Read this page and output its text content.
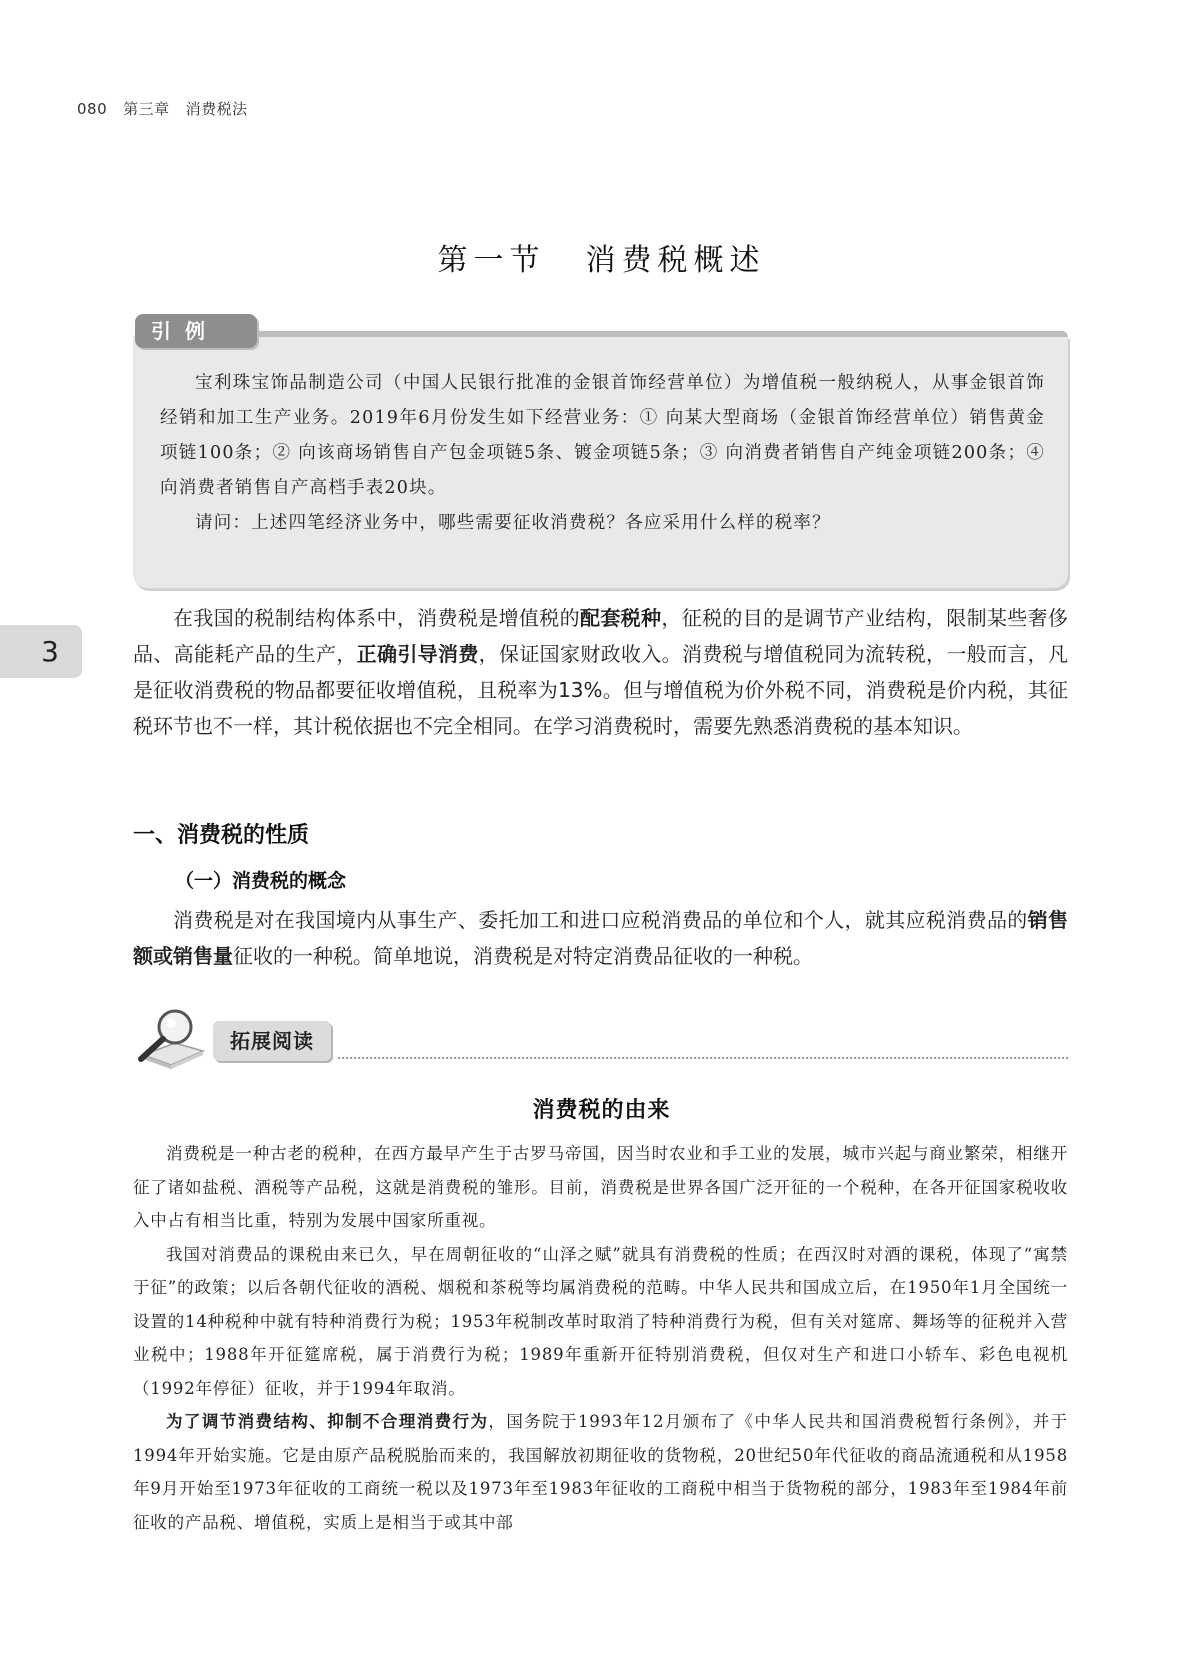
080 第三章 消费税法
第一节 消费税概述
引例

宝利珠宝饰品制造公司（中国人民银行批准的金银首饰经营单位）为增值税一般纳税人，从事金银首饰经销和加工生产业务。2019年6月份发生如下经营业务：① 向某大型商场（金银首饰经营单位）销售黄金项链100条；② 向该商场销售自产包金项链5条、镀金项链5条；③ 向消费者销售自产纯金项链200条；④ 向消费者销售自产高档手表20块。

请问：上述四笔经济业务中，哪些需要征收消费税？各应采用什么样的税率？

3

在我国的税制结构体系中，消费税是增值税的配套税种，征税的目的是调节产业结构，限制某些奢侈品、高能耗产品的生产，正确引导消费，保证国家财政收入。消费税与增值税同为流转税，一般而言，凡是征收消费税的物品都要征收增值税，且税率为13%。但与增值税为价外税不同，消费税是价内税，其征税环节也不一样，其计税依据也不完全相同。在学习消费税时，需要先熟悉消费税的基本知识。

一、消费税的性质
（一）消费税的概念

消费税是对在我国境内从事生产、委托加工和进口应税消费品的单位和个人，就其应税消费品的销售额或销售量征收的一种税。简单地说，消费税是对特定消费品征收的一种税。

拓展阅读
消费税的由来

消费税是一种古老的税种，在西方最早产生于古罗马帝国，因当时农业和手工业的发展，城市兴起与商业繁荣，相继开征了诸如盐税、酒税等产品税，这就是消费税的雏形。目前，消费税是世界各国广泛开征的一个税种，在各开征国家税收收入中占有相当比重，特别为发展中国家所重视。

我国对消费品的课税由来已久，早在周朝征收的“山泽之赋”就具有消费税的性质；在西汉时对酒的课税，体现了“寓禁于征”的政策；以后各朝代征收的酒税、烟税和茶税等均属消费税的范畴。中华人民共和国成立后，在1950年1月全国统一设置的14种税种中就有特种消费行为税；1953年税制改革时取消了特种消费行为税，但有关对筵席、舞场等的征税并入营业税中；1988年开征筵席税，属于消费行为税；1989年重新开征特别消费税，但仅对生产和进口小轿车、彩色电视机（1992年停征）征收，并于1994年取消。

为了调节消费结构、抑制不合理消费行为，国务院于1993年12月颁布了《中华人民共和国消费税暂行条例》，并于1994年开始实施。它是由原产品税脱胎而来的，我国解放初期征收的货物税，20世纪50年代征收的商品流通税和从1958年9月开始至1973年征收的工商统一税以及1973年至1983年征收的工商税中相当于货物税的部分，1983年至1984年前征收的产品税、增值税，实质上是相当于或其中部
